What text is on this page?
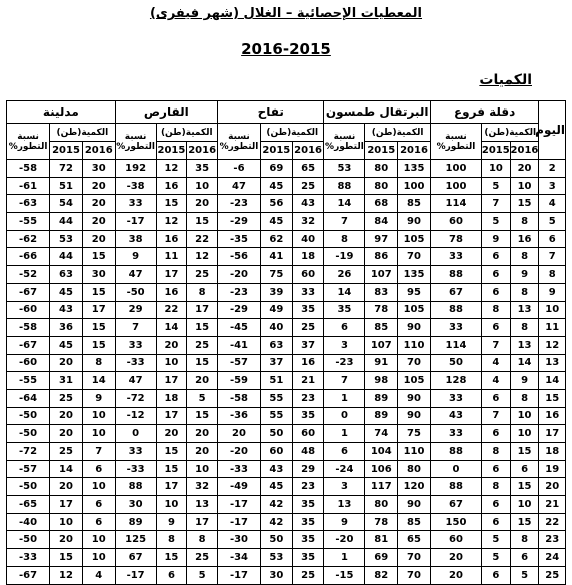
المعطيات الإحصائية – الغلال (شهر فيفرى)
2016-2015
الكميات
اليوم	دقلة فروع			البرتقال طمسون			تفاح			القارص			مدلينة		
	الكمية(طن)		نسبة التطور%	الكمية(طن)		نسبة التطور%	الكمية(طن)		نسبة التطور%	الكمية(طن)		نسبة التطور%	الكمية(طن)		نسبة التطور%
	2016	2015		2016	2015		2016	2015		2016	2015		2016	2015	
2	20	10	100	135	80	53	65	69	6-	35	12	192	30	72	58-
3	10	5	100	100	80	88	25	45	47	10	16	38-	20	51	61-
4	15	7	114	85	68	14	43	56	23-	20	15	33	20	54	63-
5	8	5	60	90	84	7	32	45	29-	15	12	17-	20	44	55-
6	16	9	78	105	97	8	40	62	35-	22	16	38	20	53	62-
7	8	6	33	70	86	19-	18	41	56-	12	11	9	15	44	66-
8	9	6	88	135	107	26	60	75	20-	25	17	47	30	63	52-
9	8	6	67	95	83	14	33	39	23-	8	16	50-	15	45	67-
10	13	8	88	105	78	35	35	49	29-	17	22	29	17	43	60-
11	8	6	33	90	85	6	25	40	45-	15	14	7	15	36	58-
12	13	7	114	110	107	3	37	63	41-	25	20	33	15	45	67-
13	14	4	50	70	91	23-	16	37	57-	15	10	33-	8	20	60-
14	9	4	128	105	98	7	21	51	59-	20	17	47	14	31	55-
15	8	6	33	90	89	1	23	55	58-	5	18	72-	9	25	64-
16	10	7	43	90	89	0	35	55	36-	15	17	12-	10	20	50-
17	10	6	33	75	74	1	60	50	20	20	20	0	10	20	50-
18	15	8	88	110	104	6	48	60	20-	20	15	33	7	25	72-
19	6	6	0	80	106	24-	29	43	33-	10	15	33-	6	14	57-
20	15	8	88	120	117	3	23	45	49-	32	17	88	10	20	50-
21	10	6	67	90	80	13	35	42	17-	13	10	30	6	17	65-
22	15	6	150	85	78	9	35	42	17-	17	9	89	6	10	40-
23	8	5	60	65	81	20-	35	50	30-	8	8	125	10	20	50-
24	6	5	20	70	69	1	35	53	34-	25	15	67	10	15	33-
25	5	6	20	70	82	15-	25	30	17-	5	6	17-	4	12	67-
